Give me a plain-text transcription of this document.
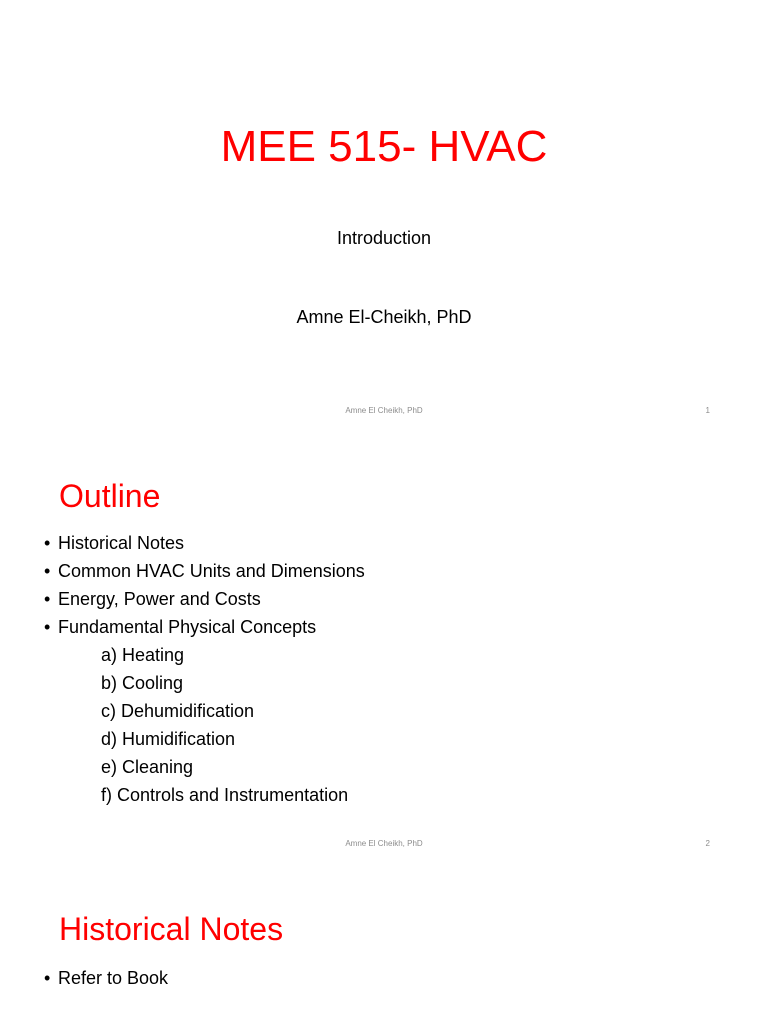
MEE 515- HVAC
Introduction
Amne El-Cheikh, PhD
Amne El Cheikh, PhD	1
Outline
• Historical Notes
• Common HVAC Units and Dimensions
• Energy, Power and Costs
• Fundamental Physical Concepts
a) Heating
b) Cooling
c) Dehumidification
d) Humidification
e) Cleaning
f) Controls and Instrumentation
Amne El Cheikh, PhD	2
Historical Notes
• Refer to Book
